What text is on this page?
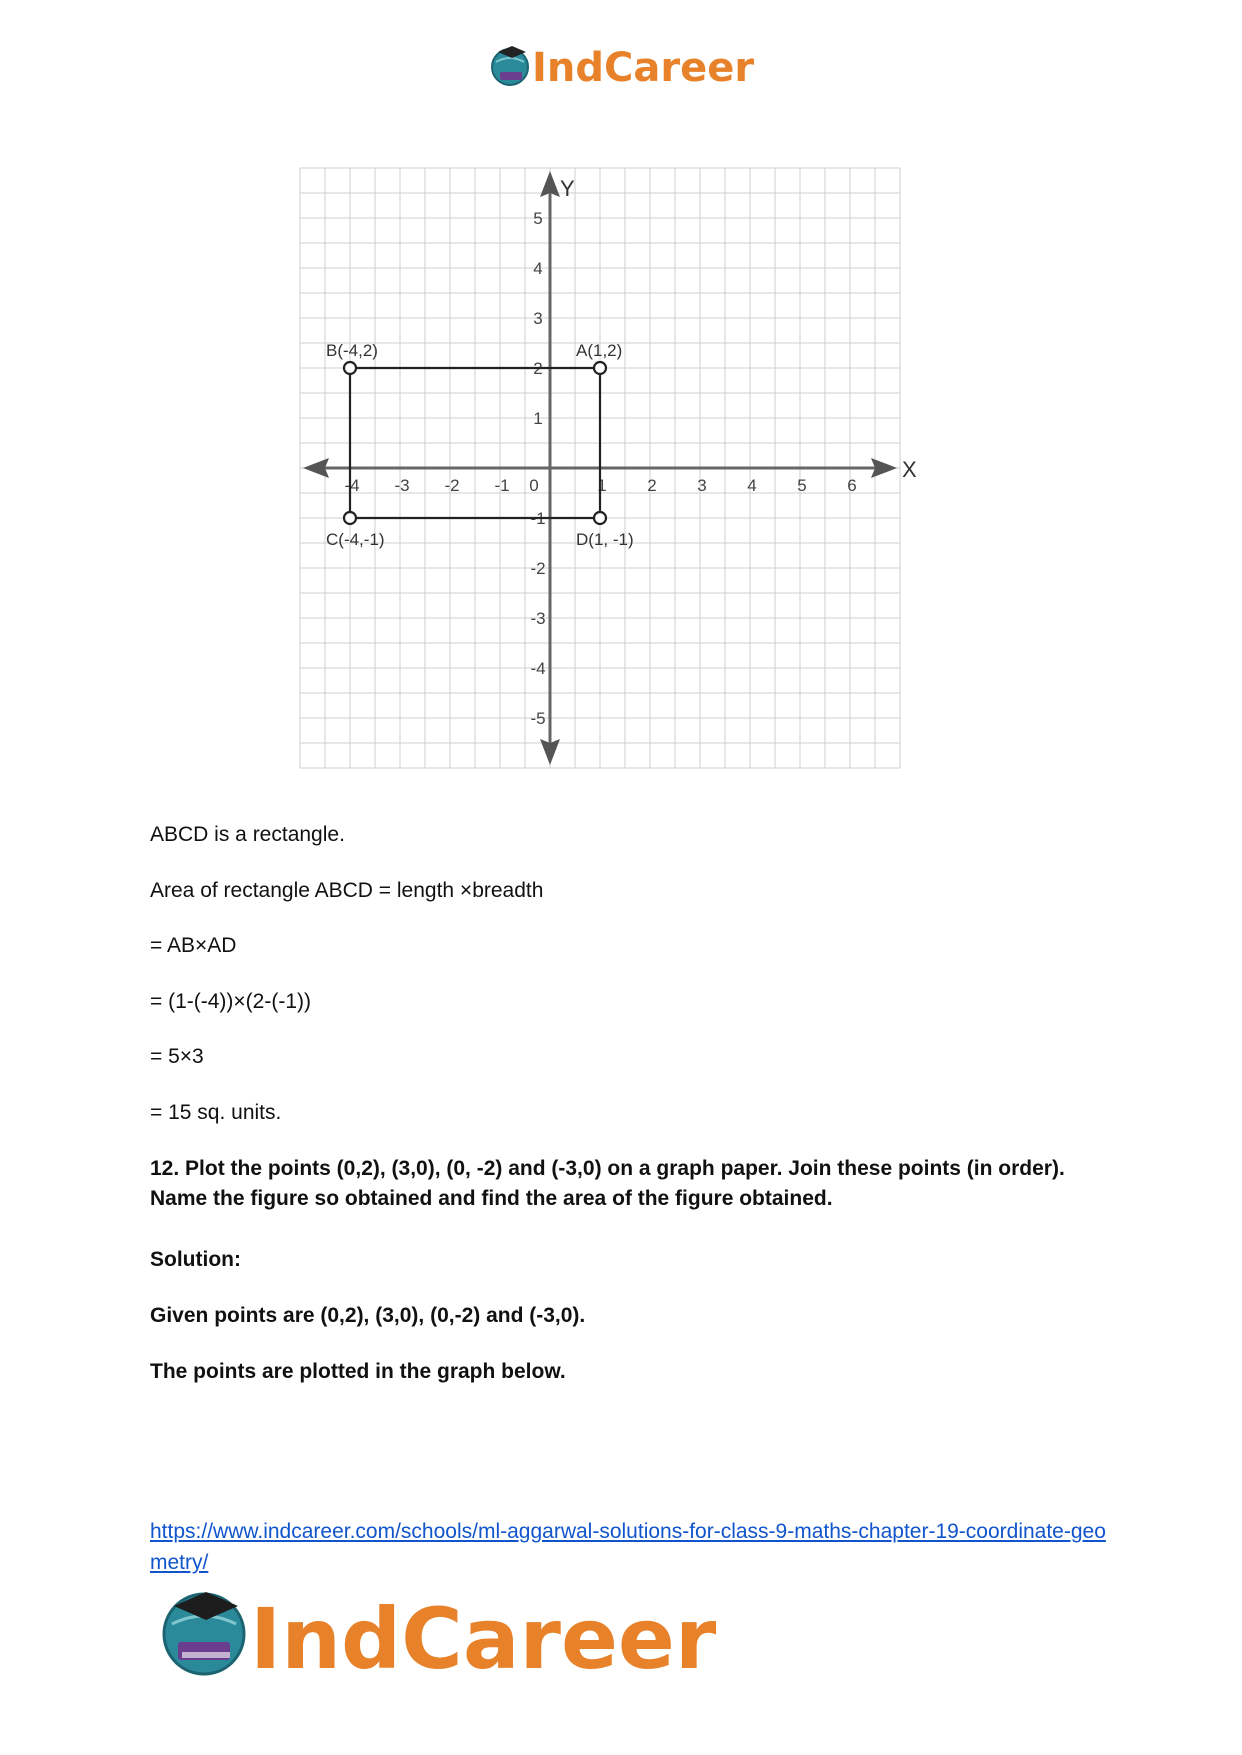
IndCareer
X
Y
-4 -3 -2 -1 0	1 2 3 4 5 6
5
4
3
2
1
-1
-2
-3
-4
-5
A(1,2)
B(-4,2)
C(-4,-1)	D(1, -1)

ABCD is a rectangle.

Area of rectangle ABCD = length ×breadth

= AB×AD

= (1-(-4))×(2-(-1))

= 5×3

= 15 sq. units.

12. Plot the points (0,2), (3,0), (0, -2) and (-3,0) on a graph paper. Join these points (in order). Name the figure so obtained and find the area of the figure obtained.

Solution:

Given points are (0,2), (3,0), (0,-2) and (-3,0).

The points are plotted in the graph below.

https://www.indcareer.com/schools/ml-aggarwal-solutions-for-class-9-maths-chapter-19-coordinate-geometry/
IndCareer
